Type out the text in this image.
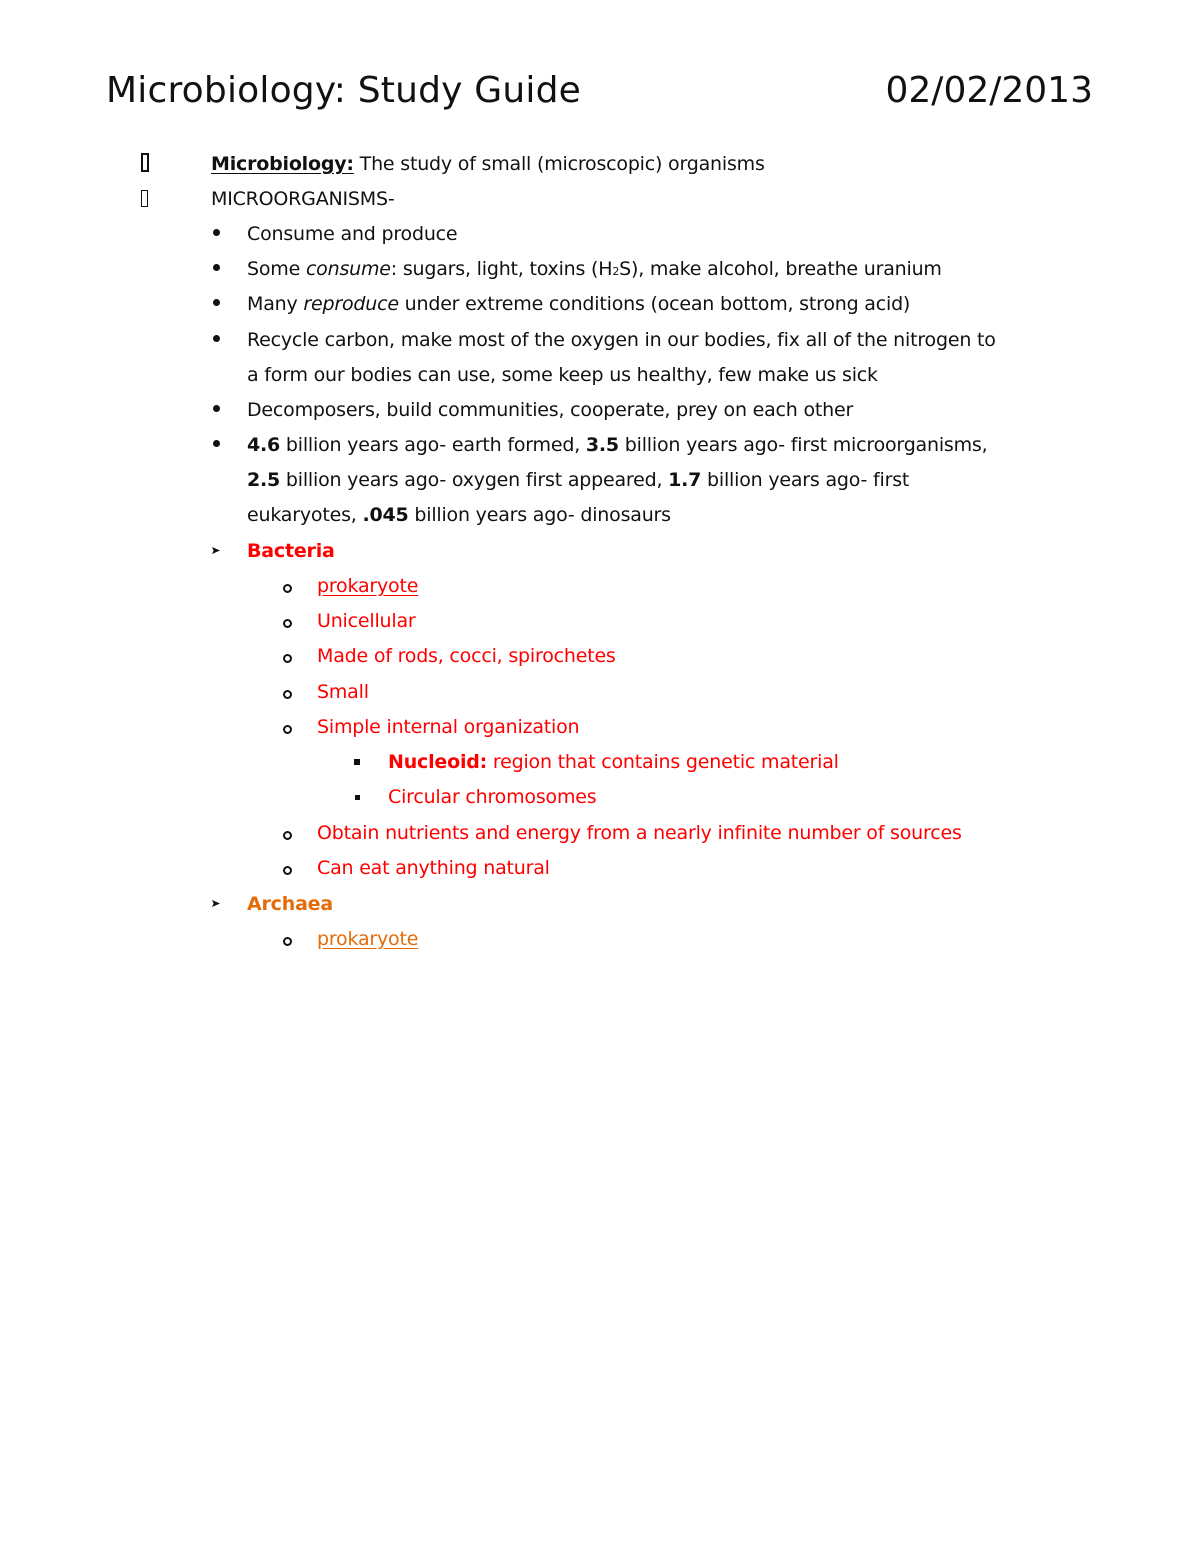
Microbiology: Study Guide	02/02/2013
Microbiology: The study of small (microscopic) organisms
MICROORGANISMS-
Consume and produce
Some consume: sugars, light, toxins (H2S), make alcohol, breathe uranium
Many reproduce under extreme conditions (ocean bottom, strong acid)
Recycle carbon, make most of the oxygen in our bodies, fix all of the nitrogen to
a form our bodies can use, some keep us healthy, few make us sick
Decomposers, build communities, cooperate, prey on each other
4.6 billion years ago- earth formed, 3.5 billion years ago- first microorganisms,
2.5 billion years ago- oxygen first appeared, 1.7 billion years ago- first
eukaryotes, .045 billion years ago- dinosaurs
Bacteria
prokaryote
Unicellular
Made of rods, cocci, spirochetes
Small
Simple internal organization
Nucleoid: region that contains genetic material
Circular chromosomes
Obtain nutrients and energy from a nearly infinite number of sources
Can eat anything natural
Archaea
prokaryote
